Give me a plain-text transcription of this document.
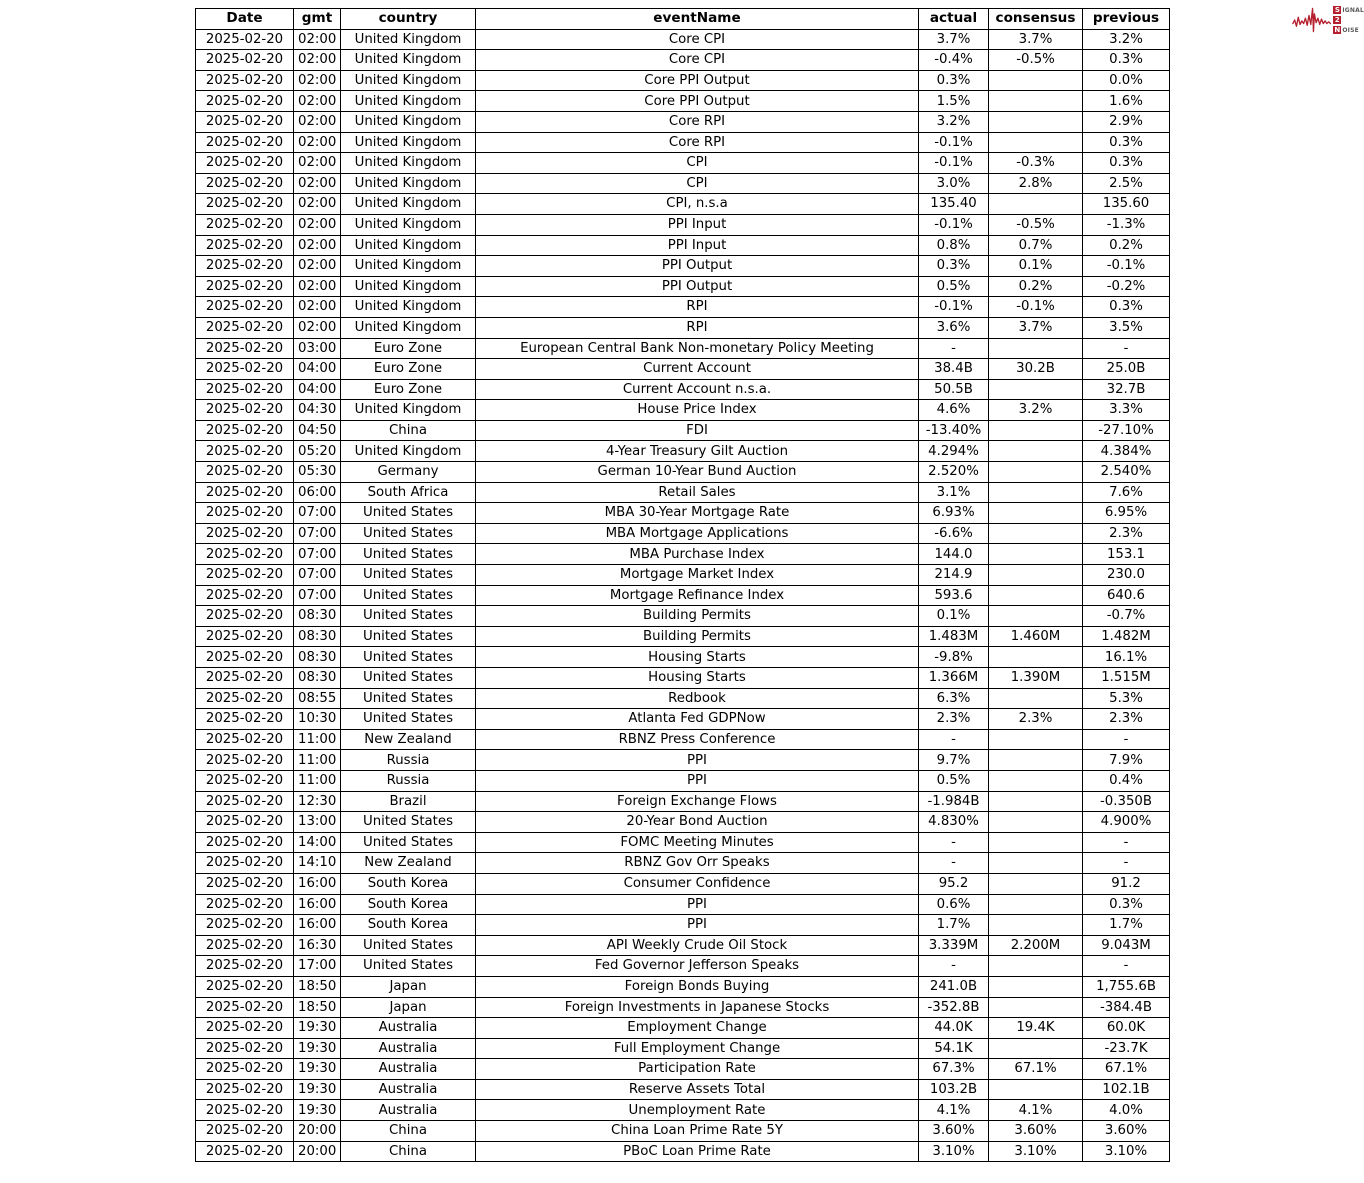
S IGNAL
2
N OISE
Date	gmt	country	eventName	actual	consensus	previous
2025-02-20	02:00	United Kingdom	Core CPI	3.7%	3.7%	3.2%
2025-02-20	02:00	United Kingdom	Core CPI	-0.4%	-0.5%	0.3%
2025-02-20	02:00	United Kingdom	Core PPI Output	0.3%		0.0%
2025-02-20	02:00	United Kingdom	Core PPI Output	1.5%		1.6%
2025-02-20	02:00	United Kingdom	Core RPI	3.2%		2.9%
2025-02-20	02:00	United Kingdom	Core RPI	-0.1%		0.3%
2025-02-20	02:00	United Kingdom	CPI	-0.1%	-0.3%	0.3%
2025-02-20	02:00	United Kingdom	CPI	3.0%	2.8%	2.5%
2025-02-20	02:00	United Kingdom	CPI, n.s.a	135.40		135.60
2025-02-20	02:00	United Kingdom	PPI Input	-0.1%	-0.5%	-1.3%
2025-02-20	02:00	United Kingdom	PPI Input	0.8%	0.7%	0.2%
2025-02-20	02:00	United Kingdom	PPI Output	0.3%	0.1%	-0.1%
2025-02-20	02:00	United Kingdom	PPI Output	0.5%	0.2%	-0.2%
2025-02-20	02:00	United Kingdom	RPI	-0.1%	-0.1%	0.3%
2025-02-20	02:00	United Kingdom	RPI	3.6%	3.7%	3.5%
2025-02-20	03:00	Euro Zone	European Central Bank Non-monetary Policy Meeting	-		-
2025-02-20	04:00	Euro Zone	Current Account	38.4B	30.2B	25.0B
2025-02-20	04:00	Euro Zone	Current Account n.s.a.	50.5B		32.7B
2025-02-20	04:30	United Kingdom	House Price Index	4.6%	3.2%	3.3%
2025-02-20	04:50	China	FDI	-13.40%		-27.10%
2025-02-20	05:20	United Kingdom	4-Year Treasury Gilt Auction	4.294%		4.384%
2025-02-20	05:30	Germany	German 10-Year Bund Auction	2.520%		2.540%
2025-02-20	06:00	South Africa	Retail Sales	3.1%		7.6%
2025-02-20	07:00	United States	MBA 30-Year Mortgage Rate	6.93%		6.95%
2025-02-20	07:00	United States	MBA Mortgage Applications	-6.6%		2.3%
2025-02-20	07:00	United States	MBA Purchase Index	144.0		153.1
2025-02-20	07:00	United States	Mortgage Market Index	214.9		230.0
2025-02-20	07:00	United States	Mortgage Refinance Index	593.6		640.6
2025-02-20	08:30	United States	Building Permits	0.1%		-0.7%
2025-02-20	08:30	United States	Building Permits	1.483M	1.460M	1.482M
2025-02-20	08:30	United States	Housing Starts	-9.8%		16.1%
2025-02-20	08:30	United States	Housing Starts	1.366M	1.390M	1.515M
2025-02-20	08:55	United States	Redbook	6.3%		5.3%
2025-02-20	10:30	United States	Atlanta Fed GDPNow	2.3%	2.3%	2.3%
2025-02-20	11:00	New Zealand	RBNZ Press Conference	-		-
2025-02-20	11:00	Russia	PPI	9.7%		7.9%
2025-02-20	11:00	Russia	PPI	0.5%		0.4%
2025-02-20	12:30	Brazil	Foreign Exchange Flows	-1.984B		-0.350B
2025-02-20	13:00	United States	20-Year Bond Auction	4.830%		4.900%
2025-02-20	14:00	United States	FOMC Meeting Minutes	-		-
2025-02-20	14:10	New Zealand	RBNZ Gov Orr Speaks	-		-
2025-02-20	16:00	South Korea	Consumer Confidence	95.2		91.2
2025-02-20	16:00	South Korea	PPI	0.6%		0.3%
2025-02-20	16:00	South Korea	PPI	1.7%		1.7%
2025-02-20	16:30	United States	API Weekly Crude Oil Stock	3.339M	2.200M	9.043M
2025-02-20	17:00	United States	Fed Governor Jefferson Speaks	-		-
2025-02-20	18:50	Japan	Foreign Bonds Buying	241.0B		1,755.6B
2025-02-20	18:50	Japan	Foreign Investments in Japanese Stocks	-352.8B		-384.4B
2025-02-20	19:30	Australia	Employment Change	44.0K	19.4K	60.0K
2025-02-20	19:30	Australia	Full Employment Change	54.1K		-23.7K
2025-02-20	19:30	Australia	Participation Rate	67.3%	67.1%	67.1%
2025-02-20	19:30	Australia	Reserve Assets Total	103.2B		102.1B
2025-02-20	19:30	Australia	Unemployment Rate	4.1%	4.1%	4.0%
2025-02-20	20:00	China	China Loan Prime Rate 5Y	3.60%	3.60%	3.60%
2025-02-20	20:00	China	PBoC Loan Prime Rate	3.10%	3.10%	3.10%
